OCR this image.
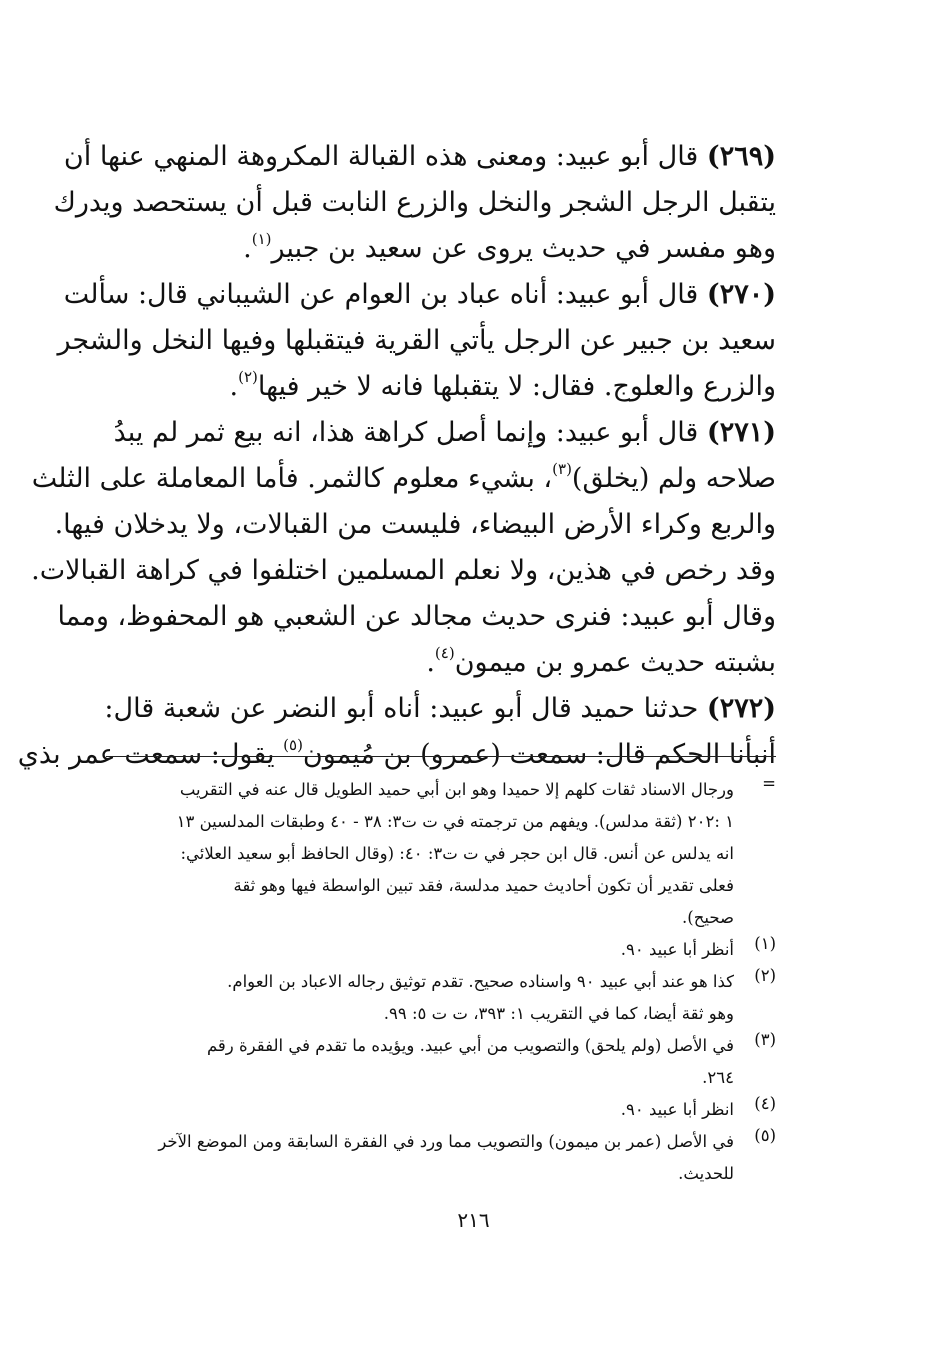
(٢٦٩) قال أبو عبيد: ومعنى هذه القبالة المكروهة المنهي عنها أن
يتقبل الرجل الشجر والنخل والزرع النابت قبل أن يستحصد ويدرك
وهو مفسر في حديث يروى عن سعيد بن جبير$^{(١)}$.
(٢٧٠) قال أبو عبيد: أناه عباد بن العوام عن الشيباني قال: سألت
سعيد بن جبير عن الرجل يأتي القرية فيتقبلها وفيها النخل والشجر
والزرع والعلوج. فقال: لا يتقبلها فانه لا خير فيها$^{(٢)}$.
(٢٧١) قال أبو عبيد: وإنما أصل كراهة هذا، انه بيع ثمر لم يبدُ
صلاحه ولم (يخلق)$^{(٣)}$، بشيء معلوم كالثمر. فأما المعاملة على الثلث
والربع وكراء الأرض البيضاء، فليست من القبالات، ولا يدخلان فيها.
وقد رخص في هذين، ولا نعلم المسلمين اختلفوا في كراهة القبالات.
وقال أبو عبيد: فنرى حديث مجالد عن الشعبي هو المحفوظ، ومما
بشبته حديث عمرو بن ميمون$^{(٤)}$.
(٢٧٢) حدثنا حميد قال أبو عبيد: أناه أبو النضر عن شعبة قال:
أنبأنا الحكم قال: سمعت (عمرو) بن مُيمون$^{(٥)}$ يقول: سمعت عمر بذي
=
ورجال الاسناد ثقات كلهم إلا حميدا وهو ابن أبي حميد الطويل قال عنه في التقريب
١ :٢٠٢ (ثقة مدلس). ويفهم من ترجمته في ت ت٣: ٣٨ - ٤٠ وطبقات المدلسين ١٣
انه يدلس عن أنس. قال ابن حجر في ت ت٣: ٤٠: (وقال الحافظ أبو سعيد العلائي:
فعلى تقدير أن تكون أحاديث حميد مدلسة، فقد تبين الواسطة فيها وهو ثقة
صحيح).
(١)
أنظر أبا عبيد ٩٠.
(٢)
كذا هو عند أبي عبيد ٩٠ واسناده صحيح. تقدم توثيق رجاله الاعباد بن العوام.
وهو ثقة أيضا، كما في التقريب ١: ٣٩٣، ت ت ٥: ٩٩.
(٣)
في الأصل (ولم يلحق) والتصويب من أبي عبيد. ويؤيده ما تقدم في الفقرة رقم
٢٦٤.
(٤)
انظر أبا عبيد ٩٠.
(٥)
في الأصل (عمر بن ميمون) والتصويب مما ورد في الفقرة السابقة ومن الموضع الآخر
للحديث.
٢١٦
